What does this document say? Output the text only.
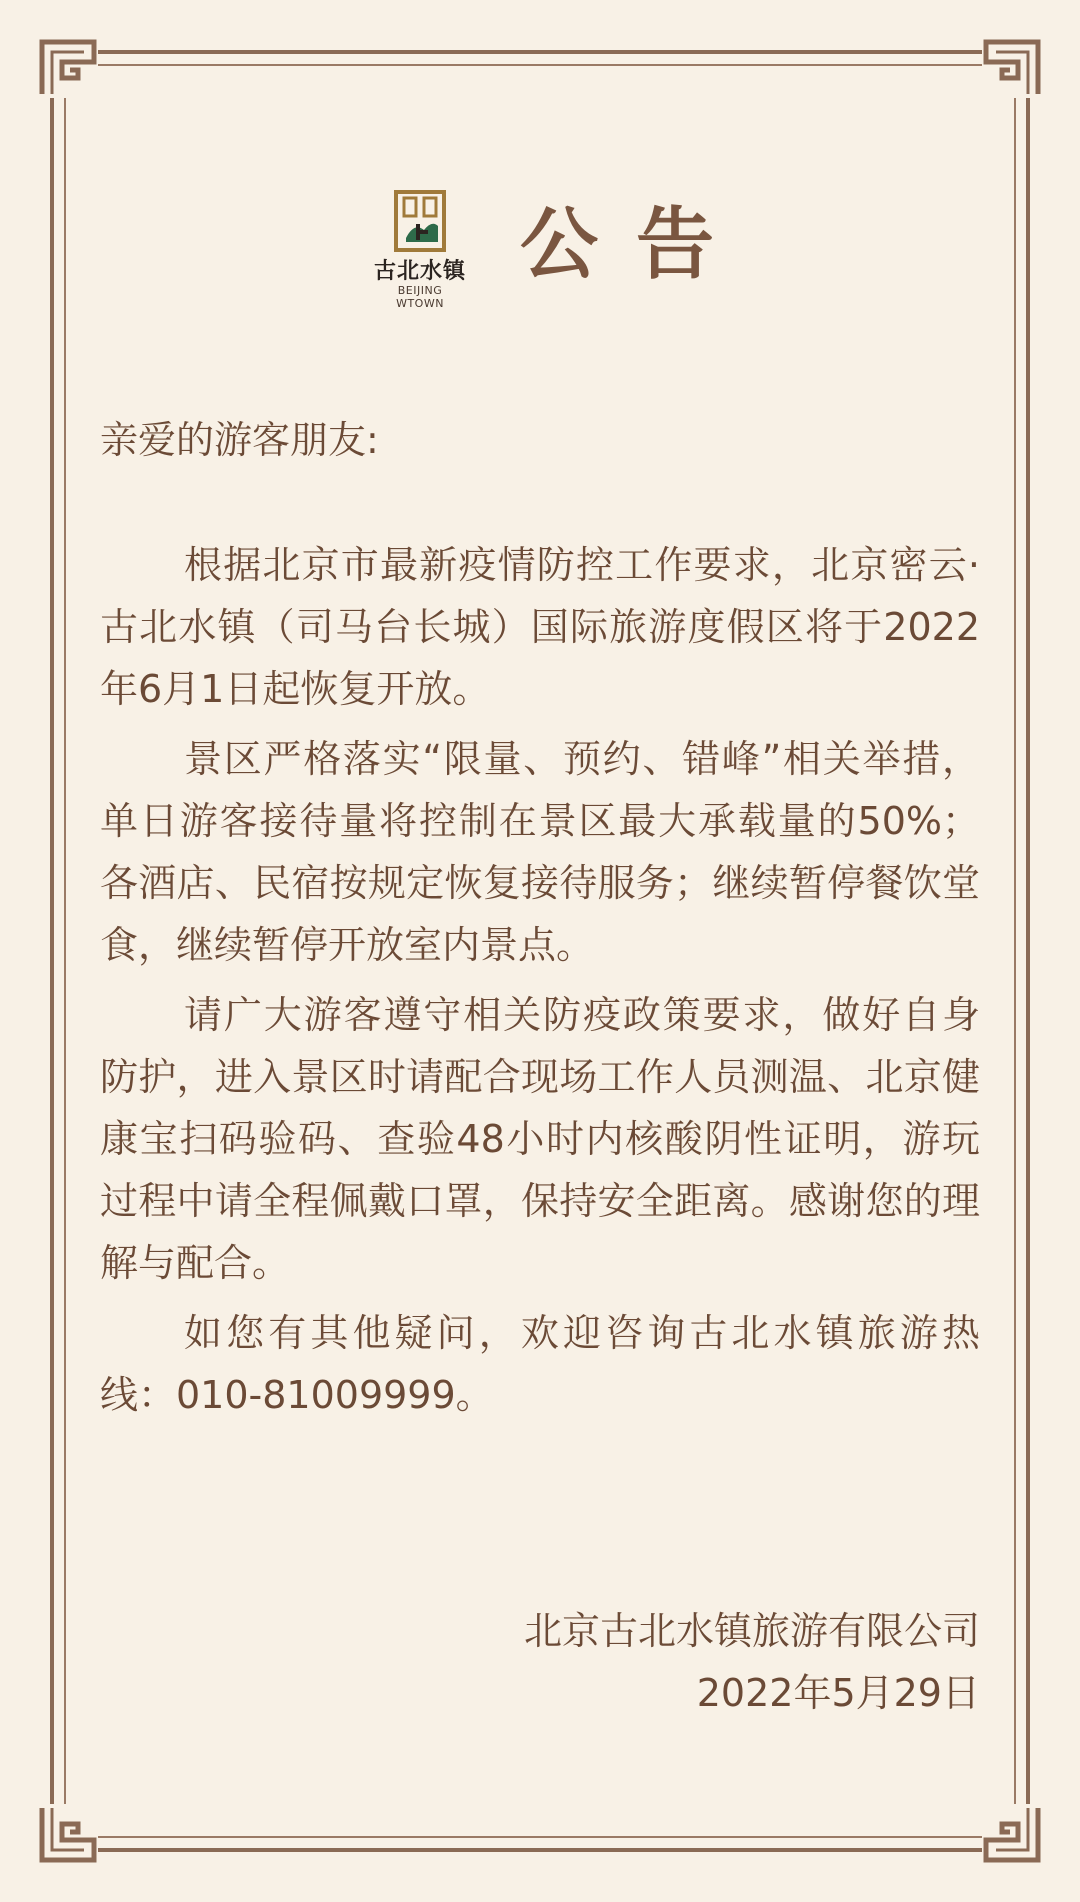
古北水镇
BEIJING WTOWN
公告
亲爱的游客朋友:

根据北京市最新疫情防控工作要求，北京密云·古北水镇（司马台长城）国际旅游度假区将于2022年6月1日起恢复开放。

景区严格落实“限量、预约、错峰”相关举措，单日游客接待量将控制在景区最大承载量的50%；各酒店、民宿按规定恢复接待服务；继续暂停餐饮堂食，继续暂停开放室内景点。

请广大游客遵守相关防疫政策要求，做好自身防护，进入景区时请配合现场工作人员测温、北京健康宝扫码验码、查验48小时内核酸阴性证明，游玩过程中请全程佩戴口罩，保持安全距离。感谢您的理解与配合。

如您有其他疑问，欢迎咨询古北水镇旅游热线：010-81009999。

北京古北水镇旅游有限公司
2022年5月29日
